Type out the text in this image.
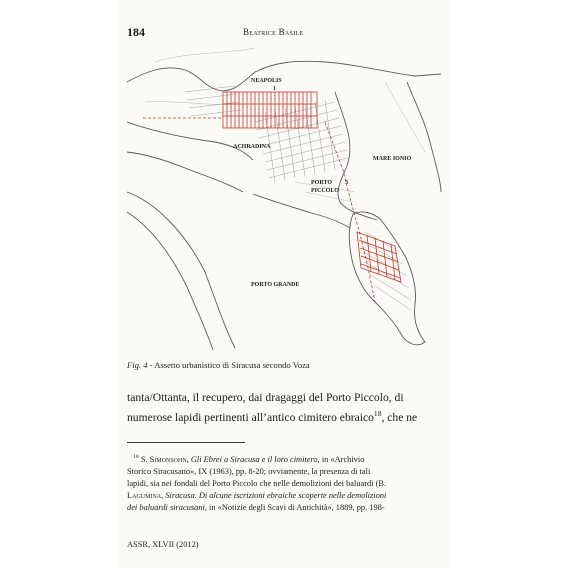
184	Beatrice Basile
NEAPOLIS
ACHRADINA
MARE IONIO
PORTO
PICCOLO
PORTO GRANDE
1
3
Fig. 4 - Assetto urbanistico di Siracusa secondo Voza
tanta/Ottanta, il recupero, dai dragaggi del Porto Piccolo, di
numerose lapidi pertinenti all’antico cimitero ebraico$^{18}$, che ne
$^{18}$ S. Simonsohn, Gli Ebrei a Siracusa e il loro cimitero, in «Archivio
Storico Siracusano», IX (1963), pp. 8-20; ovviamente, la presenza di tali
lapidi, sia nei fondali del Porto Piccolo che nelle demolizioni dei baluardi (B.
Lagumina, Siracusa. Di alcune iscrizioni ebraiche scoperte nelle demolizioni
dei baluardi siracusani, in «Notizie degli Scavi di Antichità», 1889, pp. 198-
ASSR, XLVII (2012)
